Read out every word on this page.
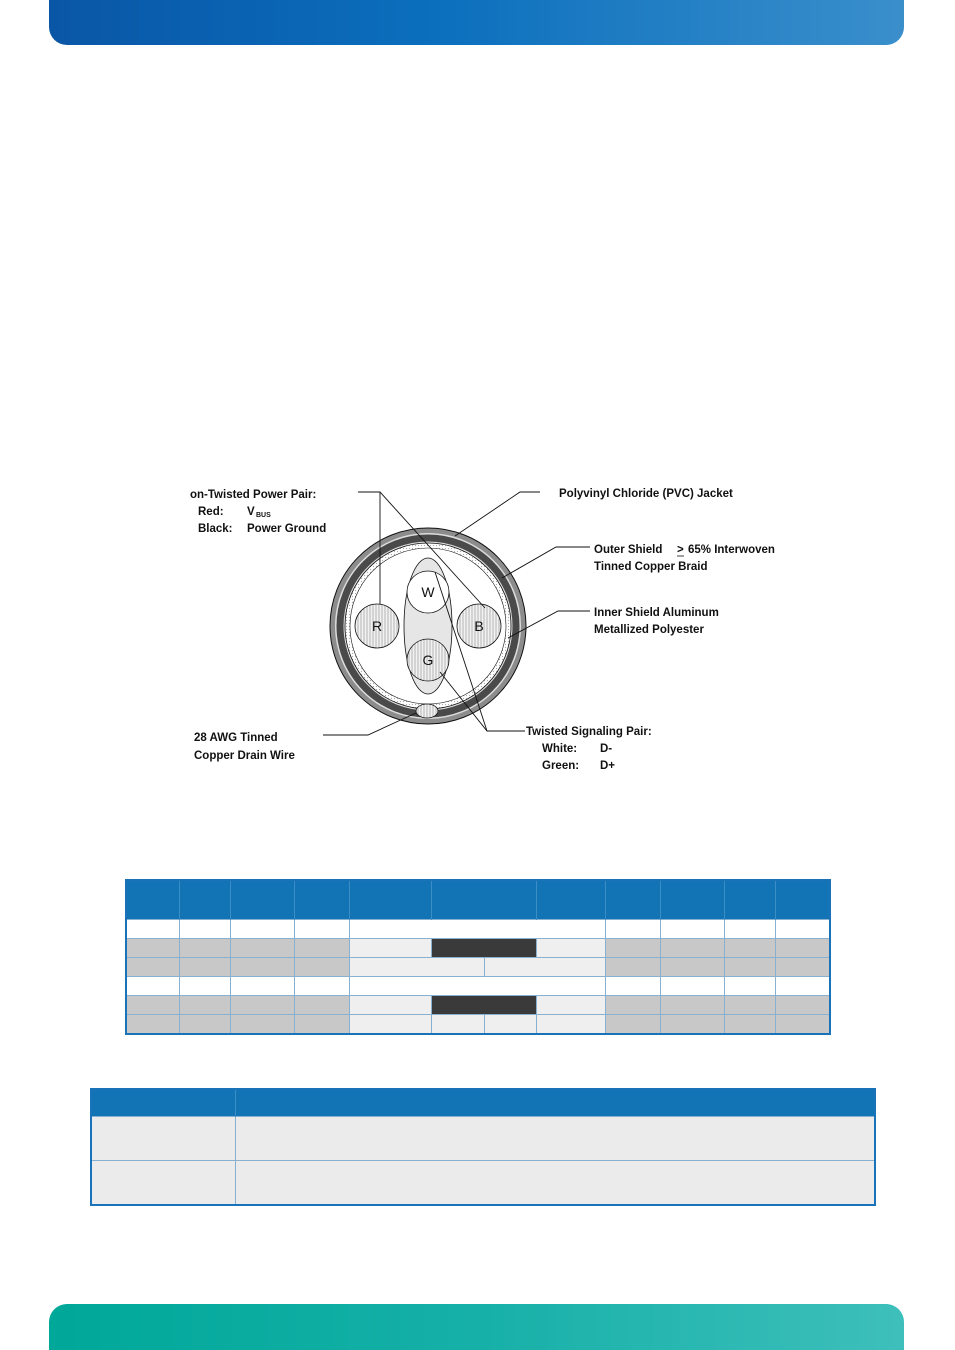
R	B
W
G
on-Twisted Power Pair:
Red: V BUS
Black: Power Ground
Polyvinyl Chloride (PVC) Jacket
Outer Shield > 65% Interwoven
Tinned Copper Braid
Inner Shield Aluminum
Metallized Polyester
28 AWG Tinned
Copper Drain Wire
Twisted Signaling Pair:
White: D-
Green: D+
